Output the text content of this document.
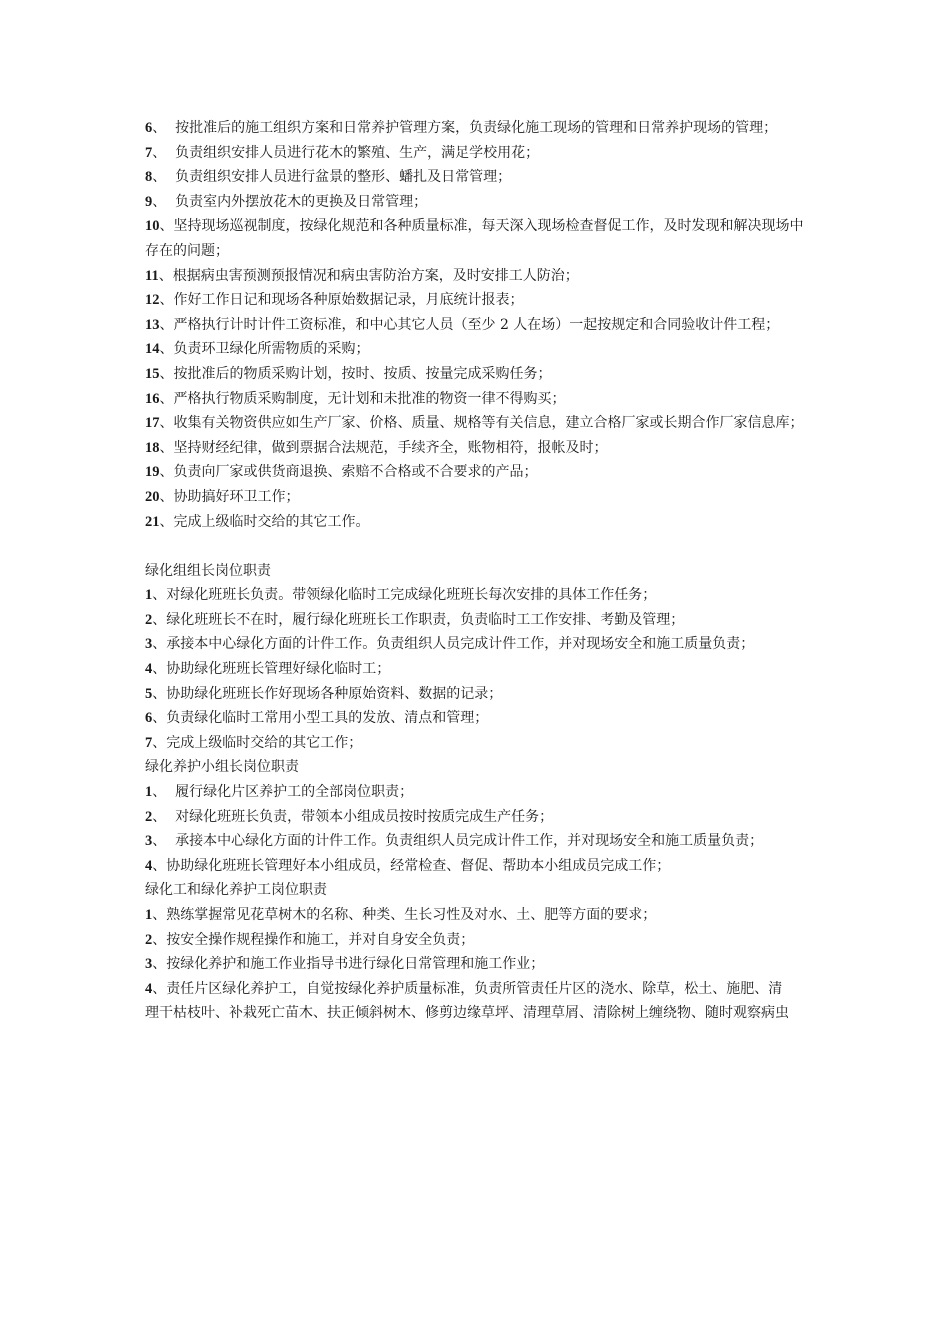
6、  按批准后的施工组织方案和日常养护管理方案，负责绿化施工现场的管理和日常养护现场的管理；
7、  负责组织安排人员进行花木的繁殖、生产，满足学校用花；
8、  负责组织安排人员进行盆景的整形、蟠扎及日常管理；
9、  负责室内外摆放花木的更换及日常管理；
10、坚持现场巡视制度，按绿化规范和各种质量标准，每天深入现场检查督促工作，及时发现和解决现场中存在的问题；
11、根据病虫害预测预报情况和病虫害防治方案，及时安排工人防治；
12、作好工作日记和现场各种原始数据记录，月底统计报表；
13、严格执行计时计件工资标准，和中心其它人员（至少 2 人在场）一起按规定和合同验收计件工程；
14、负责环卫绿化所需物质的采购；
15、按批准后的物质采购计划，按时、按质、按量完成采购任务；
16、严格执行物质采购制度，无计划和未批准的物资一律不得购买；
17、收集有关物资供应如生产厂家、价格、质量、规格等有关信息，建立合格厂家或长期合作厂家信息库；
18、坚持财经纪律，做到票据合法规范，手续齐全，账物相符，报帐及时；
19、负责向厂家或供货商退换、索赔不合格或不合要求的产品；
20、协助搞好环卫工作；
21、完成上级临时交给的其它工作。
绿化组组长岗位职责
1、对绿化班班长负责。带领绿化临时工完成绿化班班长每次安排的具体工作任务；
2、绿化班班长不在时，履行绿化班班长工作职责，负责临时工工作安排、考勤及管理；
3、承接本中心绿化方面的计件工作。负责组织人员完成计件工作，并对现场安全和施工质量负责；
4、协助绿化班班长管理好绿化临时工；
5、协助绿化班班长作好现场各种原始资料、数据的记录；
6、负责绿化临时工常用小型工具的发放、清点和管理；
7、完成上级临时交给的其它工作；
绿化养护小组长岗位职责
1、  履行绿化片区养护工的全部岗位职责；
2、  对绿化班班长负责，带领本小组成员按时按质完成生产任务；
3、  承接本中心绿化方面的计件工作。负责组织人员完成计件工作，并对现场安全和施工质量负责；
4、协助绿化班班长管理好本小组成员，经常检查、督促、帮助本小组成员完成工作；
绿化工和绿化养护工岗位职责
1、熟练掌握常见花草树木的名称、种类、生长习性及对水、土、肥等方面的要求；
2、按安全操作规程操作和施工，并对自身安全负责；
3、按绿化养护和施工作业指导书进行绿化日常管理和施工作业；
4、责任片区绿化养护工，自觉按绿化养护质量标准，负责所管责任片区的浇水、除草，松土、施肥、清
理干枯枝叶、补栽死亡苗木、扶正倾斜树木、修剪边缘草坪、清理草屑、清除树上缠绕物、随时观察病虫
